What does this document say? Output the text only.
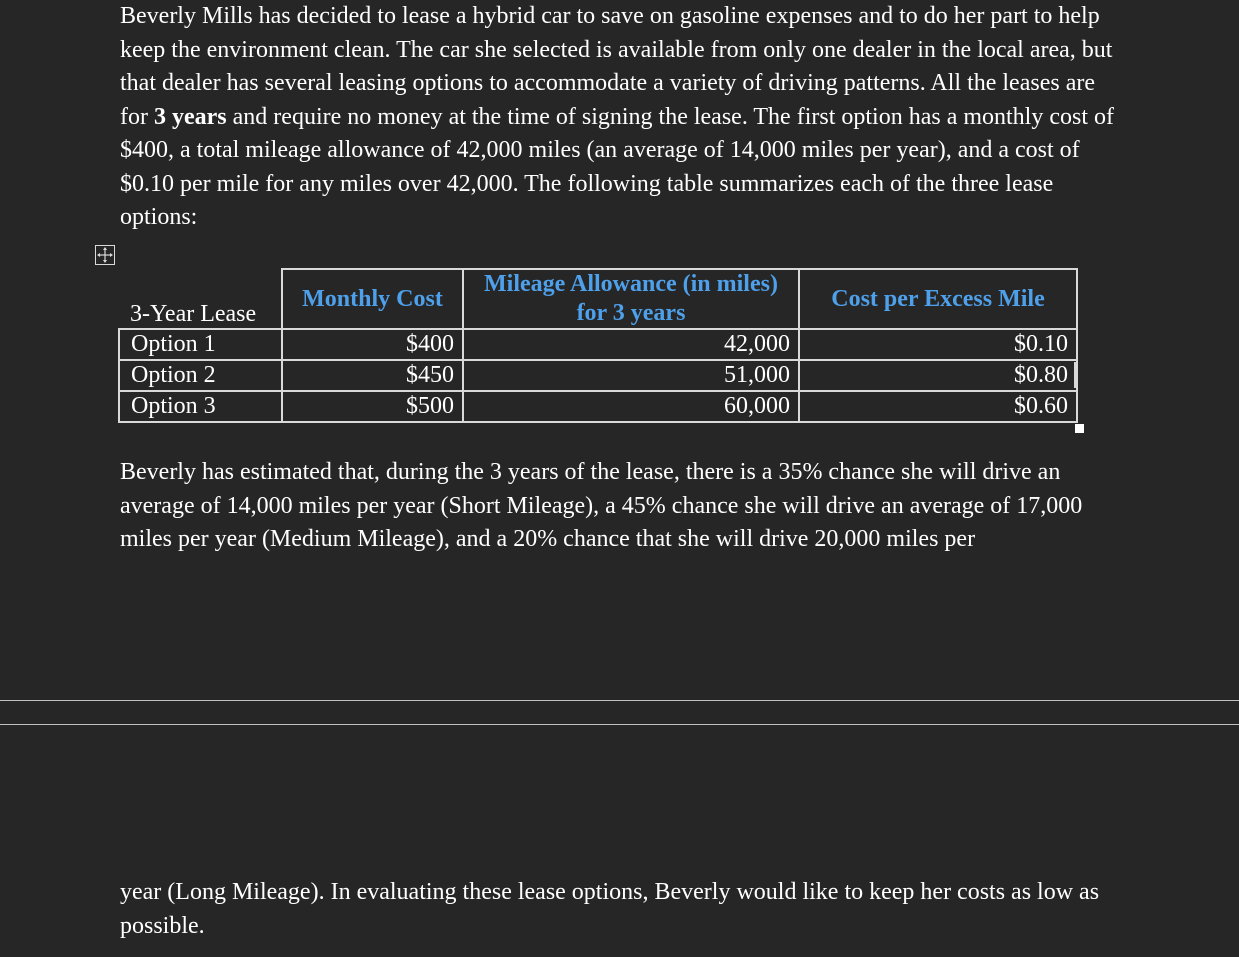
Beverly Mills has decided to lease a hybrid car to save on gasoline expenses and to do her part to help keep the environment clean. The car she selected is available from only one dealer in the local area, but that dealer has several leasing options to accommodate a variety of driving patterns. All the leases are for 3 years and require no money at the time of signing the lease. The first option has a monthly cost of $400, a total mileage allowance of 42,000 miles (an average of 14,000 miles per year), and a cost of $0.10 per mile for any miles over 42,000. The following table summarizes each of the three lease options:

3-Year Lease	Monthly Cost	Mileage Allowance (in miles) for 3 years	Cost per Excess Mile
Option 1	$400	42,000	$0.10
Option 2	$450	51,000	$0.80
Option 3	$500	60,000	$0.60

Beverly has estimated that, during the 3 years of the lease, there is a 35% chance she will drive an average of 14,000 miles per year (Short Mileage), a 45% chance she will drive an average of 17,000 miles per year (Medium Mileage), and a 20% chance that she will drive 20,000 miles per

year (Long Mileage). In evaluating these lease options, Beverly would like to keep her costs as low as possible.
